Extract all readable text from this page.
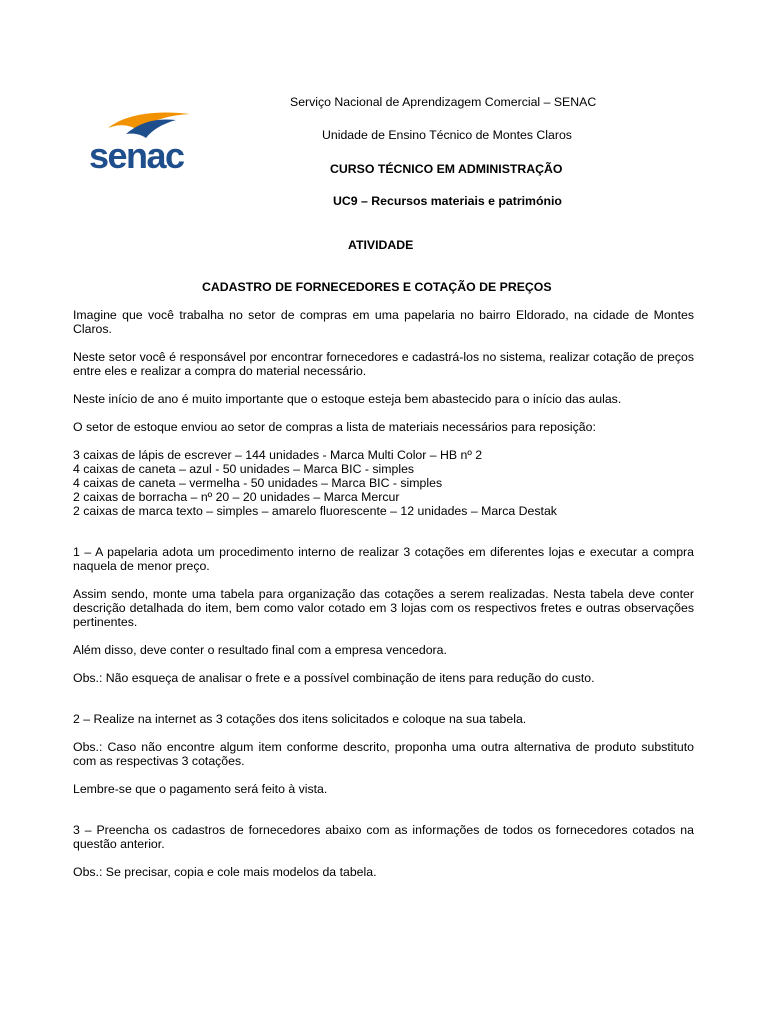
senac
Serviço Nacional de Aprendizagem Comercial – SENAC
Unidade de Ensino Técnico de Montes Claros
CURSO TÉCNICO EM ADMINISTRAÇÃO
UC9 – Recursos materiais e património
ATIVIDADE
CADASTRO DE FORNECEDORES E COTAÇÃO DE PREÇOS

Imagine que você trabalha no setor de compras em uma papelaria no bairro Eldorado, na cidade de Montes Claros.

Neste setor você é responsável por encontrar fornecedores e cadastrá-los no sistema, realizar cotação de preços entre eles e realizar a compra do material necessário.

Neste início de ano é muito importante que o estoque esteja bem abastecido para o início das aulas.

O setor de estoque enviou ao setor de compras a lista de materiais necessários para reposição:

3 caixas de lápis de escrever – 144 unidades - Marca Multi Color – HB nº 2
4 caixas de caneta – azul - 50 unidades – Marca BIC - simples
4 caixas de caneta – vermelha - 50 unidades – Marca BIC - simples
2 caixas de borracha – nº 20 – 20 unidades – Marca Mercur
2 caixas de marca texto – simples – amarelo fluorescente – 12 unidades – Marca Destak

1 – A papelaria adota um procedimento interno de realizar 3 cotações em diferentes lojas e executar a compra naquela de menor preço.

Assim sendo, monte uma tabela para organização das cotações a serem realizadas. Nesta tabela deve conter descrição detalhada do item, bem como valor cotado em 3 lojas com os respectivos fretes e outras observações pertinentes.

Além disso, deve conter o resultado final com a empresa vencedora.

Obs.: Não esqueça de analisar o frete e a possível combinação de itens para redução do custo.

2 – Realize na internet as 3 cotações dos itens solicitados e coloque na sua tabela.

Obs.: Caso não encontre algum item conforme descrito, proponha uma outra alternativa de produto substituto com as respectivas 3 cotações.

Lembre-se que o pagamento será feito à vista.

3 – Preencha os cadastros de fornecedores abaixo com as informações de todos os fornecedores cotados na questão anterior.

Obs.: Se precisar, copia e cole mais modelos da tabela.
